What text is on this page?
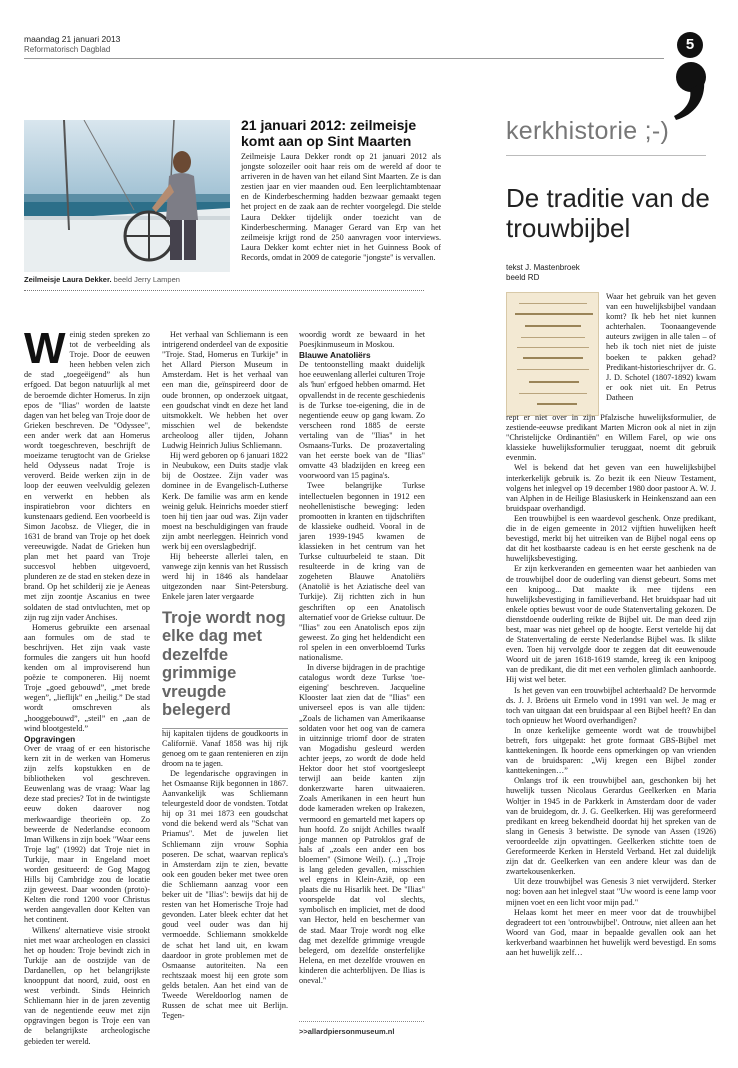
maandag 21 januari 2013
Reformatorisch Dagblad	5
Zeilmeisje Laura Dekker. beeld Jerry Lampen
21 januari 2012: zeilmeisje komt aan op Sint Maarten
Zeilmeisje Laura Dekker rondt op 21 januari 2012 als jongste solozeiler ooit haar reis om de wereld af door te arriveren in de haven van het eiland Sint Maarten. Ze is dan zestien jaar en vier maanden oud. Een leerplichtambtenaar en de Kinderbescherming hadden bezwaar gemaakt tegen het project en de zaak aan de rechter voorgelegd. Die stelde Laura Dekker tijdelijk onder toezicht van de Kinderbescherming. Manager Gerard van Erp van het zeilmeisje krijgt rond de 250 aanvragen voor interviews. Laura Dekker komt echter niet in het Guinness Book of Records, omdat in 2009 de categorie "jongste" is vervallen.
kerkhistorie ;-)
De traditie van de trouwbijbel
tekst J. Mastenbroek
beeld RD

Waar het gebruik van het geven van een huwelijksbijbel vandaan komt? Ik heb het niet kunnen achterhalen. Toonaangevende auteurs zwijgen in alle talen – of heb ik toch niet niet de juiste boeken te pakken gehad? Predikant-historieschrijver dr. G. J. D. Schotel (1807-1892) kwam er ook niet uit. En Petrus Datheen

rept er niet over in zijn Pfalzische huwelijksformulier, de zestiende-eeuwse predikant Marten Micron ook al niet in zijn "Christelijcke Ordinantiën" en Willem Farel, op wie ons klassieke huwelijksformulier teruggaat, noemt dit gebruik evenmin.

Wel is bekend dat het geven van een huwelijksbijbel interkerkelijk gebruik is. Zo bezit ik een Nieuw Testament, volgens het inlegvel op 19 december 1980 door pastoor A. W. J. van Alphen in de Heilige Blasiuskerk in Heinkenszand aan een bruidspaar overhandigd.

Een trouwbijbel is een waardevol geschenk. Onze predikant, die in de eigen gemeente in 2012 vijftien huwelijken heeft bevestigd, merkt bij het uitreiken van de Bijbel nogal eens op dat dit het kostbaarste cadeau is en het eerste geschenk na de huwelijksbevestiging.

Er zijn kerkveranden en gemeenten waar het aanbieden van de trouwbijbel door de ouderling van dienst gebeurt. Soms met een knipoog... Dat maakte ik mee tijdens een huwelijksbevestiging in familieverband. Het bruidspaar had uit enkele opties bewust voor de oude Statenvertaling gekozen. De dienstdoende ouderling reikte de Bijbel uit. De man deed zijn best, maar was niet geheel op de hoogte. Eerst vertelde hij dat de Statenvertaling de eerste Nederlandse Bijbel was. Ik slikte even. Toen hij vervolgde door te zeggen dat dit eeuwenoude Woord uit de jaren 1618-1619 stamde, kreeg ik een knipoog van de predikant, die dit met een verholen glimlach aanhoorde. Hij wist wel beter.

Is het geven van een trouwbijbel achterhaald? De hervormde ds. J. J. Bröens uit Ermelo vond in 1991 van wel. Je mag er toch van uitgaan dat een bruidspaar al een Bijbel heeft? En dan toch opnieuw het Woord overhandigen?

In onze kerkelijke gemeente wordt wat de trouwbijbel betreft, fors uitgepakt: het grote formaat GBS-Bijbel met kanttekeningen. Ik hoorde eens opmerkingen op van vrienden van de bruidsparen: „Wij kregen een Bijbel zonder kanttekeningen…”

Onlangs trof ik een trouwbijbel aan, geschonken bij het huwelijk tussen Nicolaus Gerardus Geelkerken en Maria Woltjer in 1945 in de Parkkerk in Amsterdam door de vader van de bruidegom, dr. J. G. Geelkerken. Hij was gereformeerd predikant en kreeg bekendheid doordat hij het spreken van de slang in Genesis 3 betwistte. De synode van Assen (1926) veroordeelde zijn opvattingen. Geelkerken stichtte toen de Gereformeerde Kerken in Hersteld Verband. Het zal duidelijk zijn dat dr. Geelkerken van een andere kleur was dan de zwartekousenkerken.

Uit deze trouwbijbel was Genesis 3 niet verwijderd. Sterker nog: boven aan het inlegvel staat "Uw woord is eene lamp voor mijnen voet en een licht voor mijn pad."

Helaas komt het meer en meer voor dat de trouwbijbel degradeert tot een 'ontrouwbijbel'. Ontrouw, niet alleen aan het Woord van God, maar in bepaalde gevallen ook aan het kerkverband waarbinnen het huwelijk werd bevestigd. En soms aan het huwelijk zelf…

W einig steden spreken zo tot de verbeelding als Troje. Door de eeuwen heen hebben velen zich de stad „toegeëigend” als hun erfgoed. Dat begon natuurlijk al met de beroemde dichter Homerus. In zijn epos de "Ilias" worden de laatste dagen van het beleg van Troje door de Grieken beschreven. De "Odyssee", een ander werk dat aan Homerus wordt toegeschreven, beschrijft de moeizame terugtocht van de Griekse held Odysseus nadat Troje is veroverd. Beide werken zijn in de loop der eeuwen veelvuldig gelezen en verwerkt en hebben als inspiratiebron voor dichters en kunstenaars gediend. Een voorbeeld is Simon Jacobsz. de Vlieger, die in 1631 de brand van Troje op het doek vereeuwigde. Nadat de Grieken hun plan met het paard van Troje succesvol hebben uitgevoerd, plunderen ze de stad en steken deze in brand. Op het schilderij zie je Aeneas met zijn zoontje Ascanius en twee soldaten de stad ontvluchten, met op zijn rug zijn vader Anchises.

Homerus gebruikte een arsenaal aan formules om de stad te beschrijven. Het zijn vaak vaste formules die zangers uit hun hoofd kenden om al improviserend hun poëzie te componeren. Hij noemt Troje „goed gebouwd”, „met brede wegen”, „lieflijk” en „heilig.” De stad wordt omschreven als „hooggebouwd”, „steil” en „aan de wind blootgesteld.”

Opgravingen

Over de vraag of er een historische kern zit in de werken van Homerus zijn zelfs kopstukken en de bibliotheken vol geschreven. Eeuwenlang was de vraag: Waar lag deze stad precies? Tot in de twintigste eeuw doken daarover nog merkwaardige theorieën op. Zo beweerde de Nederlandse econoom Iman Wilkens in zijn boek "Waar eens Troje lag" (1992) dat Troje niet in Turkije, maar in Engeland moet worden gesitueerd: de Gog Magog Hills bij Cambridge zou de locatie zijn geweest. Daar woonden (proto)-Kelten die rond 1200 voor Christus werden aangevallen door Kelten van het continent.

Wilkens' alternatieve visie strookt niet met waar archeologen en classici het op houden: Troje bevindt zich in Turkije aan de oostzijde van de Dardanellen, op het belangrijkste knooppunt dat noord, zuid, oost en west verbindt. Sinds Heinrich Schliemann hier in de jaren zeventig van de negentiende eeuw met zijn opgravingen begon is Troje een van de belangrijkste archeologische gebieden ter wereld.

Het verhaal van Schliemann is een intrigerend onderdeel van de expositie "Troje. Stad, Homerus en Turkije" in het Allard Pierson Museum in Amsterdam. Het is het verhaal van een man die, geïnspireerd door de oude bronnen, op onderzoek uitgaat, een goudschat vindt en deze het land uitsmokkelt. We hebben het over misschien wel de bekendste archeoloog aller tijden, Johann Ludwig Heinrich Julius Schliemann.

Hij werd geboren op 6 januari 1822 in Neubukow, een Duits stadje vlak bij de Oostzee. Zijn vader was dominee in de Evangelisch-Lutherse Kerk. De familie was arm en kende weinig geluk. Heinrichs moeder stierf toen hij tien jaar oud was. Zijn vader moest na beschuldigingen van fraude zijn ambt neerleggen. Heinrich vond werk bij een overslagbedrijf.

Hij beheerste allerlei talen, en vanwege zijn kennis van het Russisch werd hij in 1846 als handelaar uitgezonden naar Sint-Petersburg. Enkele jaren later vergaarde

Troje wordt nog elke dag met dezelfde grimmige vreugde belegerd

hij kapitalen tijdens de goudkoorts in Californië. Vanaf 1858 was hij rijk genoeg om te gaan rentenieren en zijn droom na te jagen.

De legendarische opgravingen in het Osmaanse Rijk begonnen in 1867. Aanvankelijk was Schliemann teleurgesteld door de vondsten. Totdat hij op 31 mei 1873 een goudschat vond die bekend werd als "Schat van Priamus". Met de juwelen liet Schliemann zijn vrouw Sophia poseren. De schat, waarvan replica's in Amsterdam zijn te zien, bevatte ook een gouden beker met twee oren die Schliemann aanzag voor een beker uit de "Ilias": bewijs dat hij de resten van het Homerische Troje had gevonden. Later bleek echter dat het goud veel ouder was dan hij vermoedde. Schliemann smokkelde de schat het land uit, en kwam daardoor in grote problemen met de Osmaanse autoriteiten. Na een rechtszaak moest hij een grote som gelds betalen. Aan het eind van de Tweede Wereldoorlog namen de Russen de schat mee uit Berlijn. Tegen-

woordig wordt ze bewaard in het Poesjkinmuseum in Moskou.

Blauwe Anatoliërs

De tentoonstelling maakt duidelijk hoe eeuwenlang allerlei culturen Troje als 'hun' erfgoed hebben omarmd. Het opvallendst in de recente geschiedenis is de Turkse toe-eigening, die in de negentiende eeuw op gang kwam. Zo verscheen rond 1885 de eerste vertaling van de "Ilias" in het Osmaans-Turks. De prozavertaling van het eerste boek van de "Ilias" omvatte 43 bladzijden en kreeg een voorwoord van 15 pagina's.

Twee belangrijke Turkse intellectuelen begonnen in 1912 een neohellenistische beweging: leden promootten in kranten en tijdschriften de klassieke oudheid. Vooral in de jaren 1939-1945 kwamen de klassieken in het centrum van het Turkse cultuurbeleid te staan. Dit resulteerde in de kring van de zogeheten Blauwe Anatoliërs (Anatolië is het Aziatische deel van Turkije). Zij richtten zich in hun geschriften op een Anatolisch alternatief voor de Griekse cultuur. De "Ilias" zou een Anatolisch epos zijn geweest. Zo ging het heldendicht een rol spelen in een onverbloemd Turks nationalisme.

In diverse bijdragen in de prachtige catalogus wordt deze Turkse 'toe-eigening' beschreven. Jacqueline Klooster laat zien dat de "Ilias" een universeel epos is van alle tijden: „Zoals de lichamen van Amerikaanse soldaten voor het oog van de camera in uitzinnige triomf door de straten van Mogadishu gesleurd werden achter jeeps, zo wordt de dode held Hektor door het stof voortgesleept terwijl aan beide kanten zijn donkerzwarte haren uitwaaieren. Zoals Amerikanen in een heurt hun dode kameraden wreken op Irakezen, vermoord en gemarteld met kapers op hun hoofd. Zo snijdt Achilles twaalf jonge mannen op Patroklos graf de hals af „zoals een ander een bos bloemen" (Simone Weil). (...) „Troje is lang geleden gevallen, misschien wel ergens in Klein-Azië, op een plaats die nu Hisarlik heet. De "Ilias" voorspelde dat vol slechts, symbolisch en impliciet, met de dood van Hector, held en beschermer van de stad. Maar Troje wordt nog elke dag met dezelfde grimmige vreugde belegerd, om dezelfde onsterfelijke Helena, en met dezelfde vrouwen en kinderen die achterblijven. De Ilias is oneval."

>>allardpiersonmuseum.nl
